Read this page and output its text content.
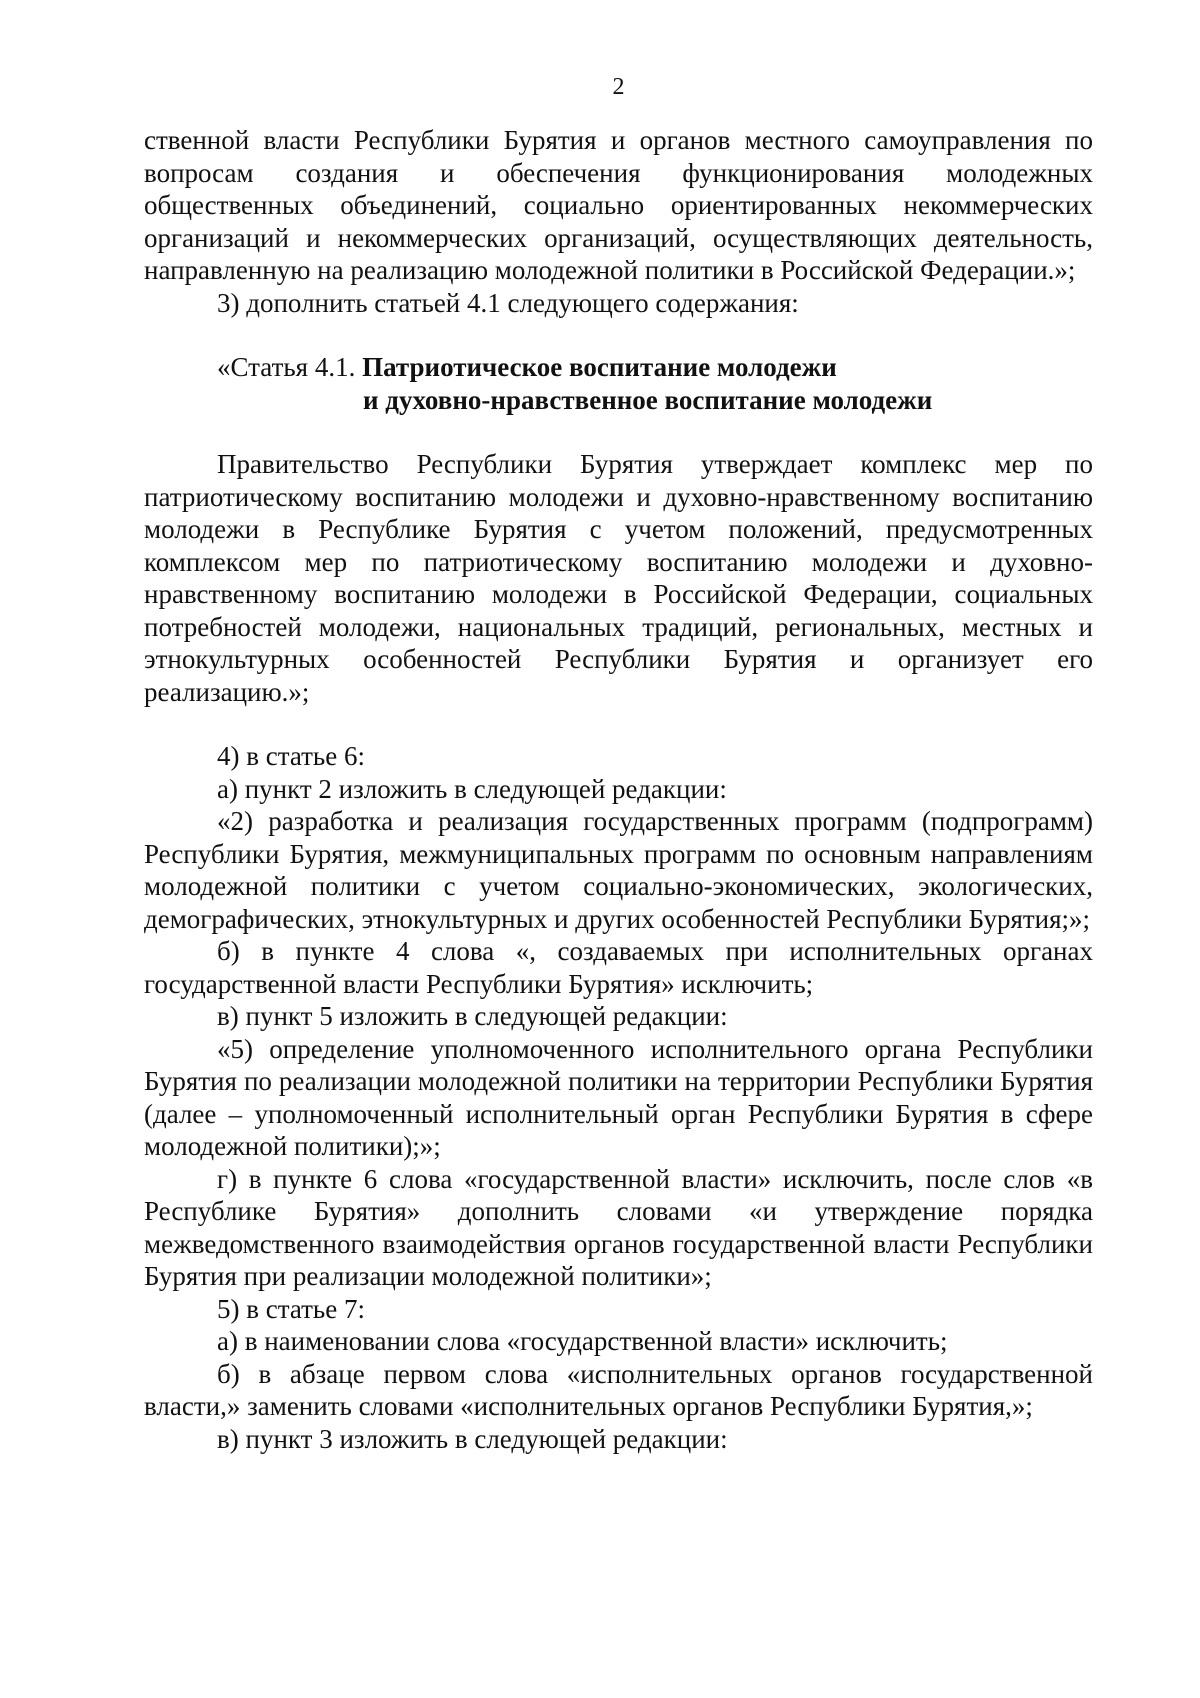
2

ственной власти Республики Бурятия и органов местного самоуправления по вопросам создания и обеспечения функционирования молодежных общественных объединений, социально ориентированных некоммерческих организаций и некоммерческих организаций, осуществляющих деятельность, направленную на реализацию молодежной политики в Российской Федерации.»;

3) дополнить статьей 4.1 следующего содержания:

«Статья 4.1. Патриотическое воспитание молодежи
и духовно-нравственное воспитание молодежи

Правительство Республики Бурятия утверждает комплекс мер по патриотическому воспитанию молодежи и духовно-нравственному воспитанию молодежи в Республике Бурятия с учетом положений, предусмотренных комплексом мер по патриотическому воспитанию молодежи и духовно-нравственному воспитанию молодежи в Российской Федерации, социальных потребностей молодежи, национальных традиций, региональных, местных и этнокультурных особенностей Республики Бурятия и организует его реализацию.»;

4) в статье 6:

а) пункт 2 изложить в следующей редакции:

«2) разработка и реализация государственных программ (подпрограмм) Республики Бурятия, межмуниципальных программ по основным направлениям молодежной политики с учетом социально-экономических, экологических, демографических, этнокультурных и других особенностей Республики Бурятия;»;

б) в пункте 4 слова «, создаваемых при исполнительных органах государственной власти Республики Бурятия» исключить;

в) пункт 5 изложить в следующей редакции:

«5) определение уполномоченного исполнительного органа Республики Бурятия по реализации молодежной политики на территории Республики Бурятия (далее – уполномоченный исполнительный орган Республики Бурятия в сфере молодежной политики);»;

г) в пункте 6 слова «государственной власти» исключить, после слов «в Республике Бурятия» дополнить словами «и утверждение порядка межведомственного взаимодействия органов государственной власти Республики Бурятия при реализации молодежной политики»;

5) в статье 7:

а) в наименовании слова «государственной власти» исключить;

б) в абзаце первом слова «исполнительных органов государственной власти,» заменить словами «исполнительных органов Республики Бурятия,»;

в) пункт 3 изложить в следующей редакции:
